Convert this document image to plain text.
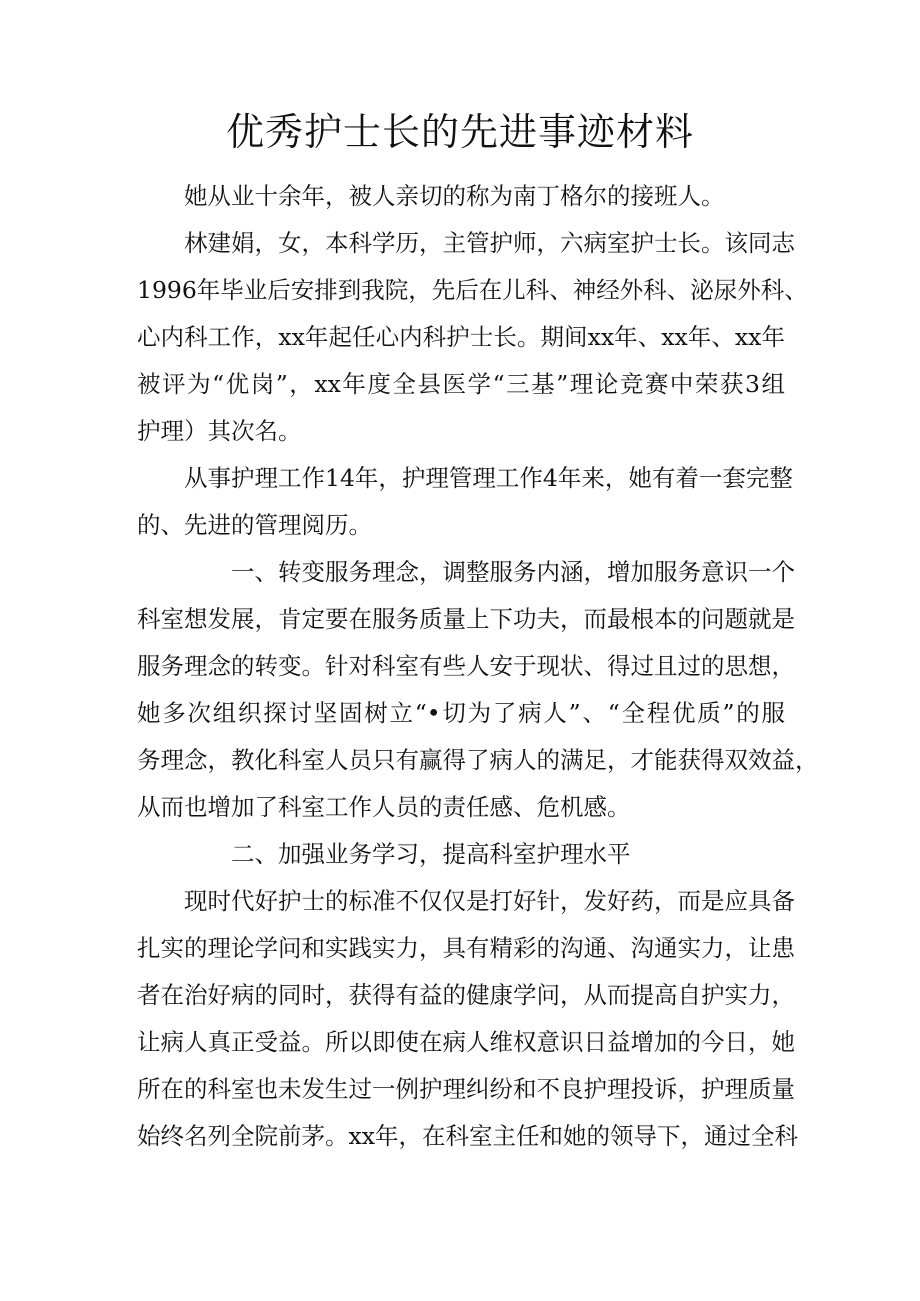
优秀护士长的先进事迹材料
她从业十余年，被人亲切的称为南丁格尔的接班人。
林建娟，女，本科学历，主管护师，六病室护士长。该同志
1996年毕业后安排到我院，先后在儿科、神经外科、泌尿外科、
心内科工作，xx年起任心内科护士长。期间xx年、xx年、xx年
被评为“优岗”，xx年度全县医学“三基”理论竞赛中荣获3组
护理）其次名。
从事护理工作14年，护理管理工作4年来，她有着一套完整
的、先进的管理阅历。
一、转变服务理念，调整服务内涵，增加服务意识一个
科室想发展，肯定要在服务质量上下功夫，而最根本的问题就是
服务理念的转变。针对科室有些人安于现状、得过且过的思想，
她多次组织探讨坚固树立“•切为了病人”、“全程优质”的服
务理念，教化科室人员只有赢得了病人的满足，才能获得双效益，
从而也增加了科室工作人员的责任感、危机感。
二、加强业务学习，提高科室护理水平
现时代好护士的标准不仅仅是打好针，发好药，而是应具备
扎实的理论学问和实践实力，具有精彩的沟通、沟通实力，让患
者在治好病的同时，获得有益的健康学问，从而提高自护实力，
让病人真正受益。所以即使在病人维权意识日益增加的今日，她
所在的科室也未发生过一例护理纠纷和不良护理投诉，护理质量
始终名列全院前茅。xx年，在科室主任和她的领导下，通过全科
